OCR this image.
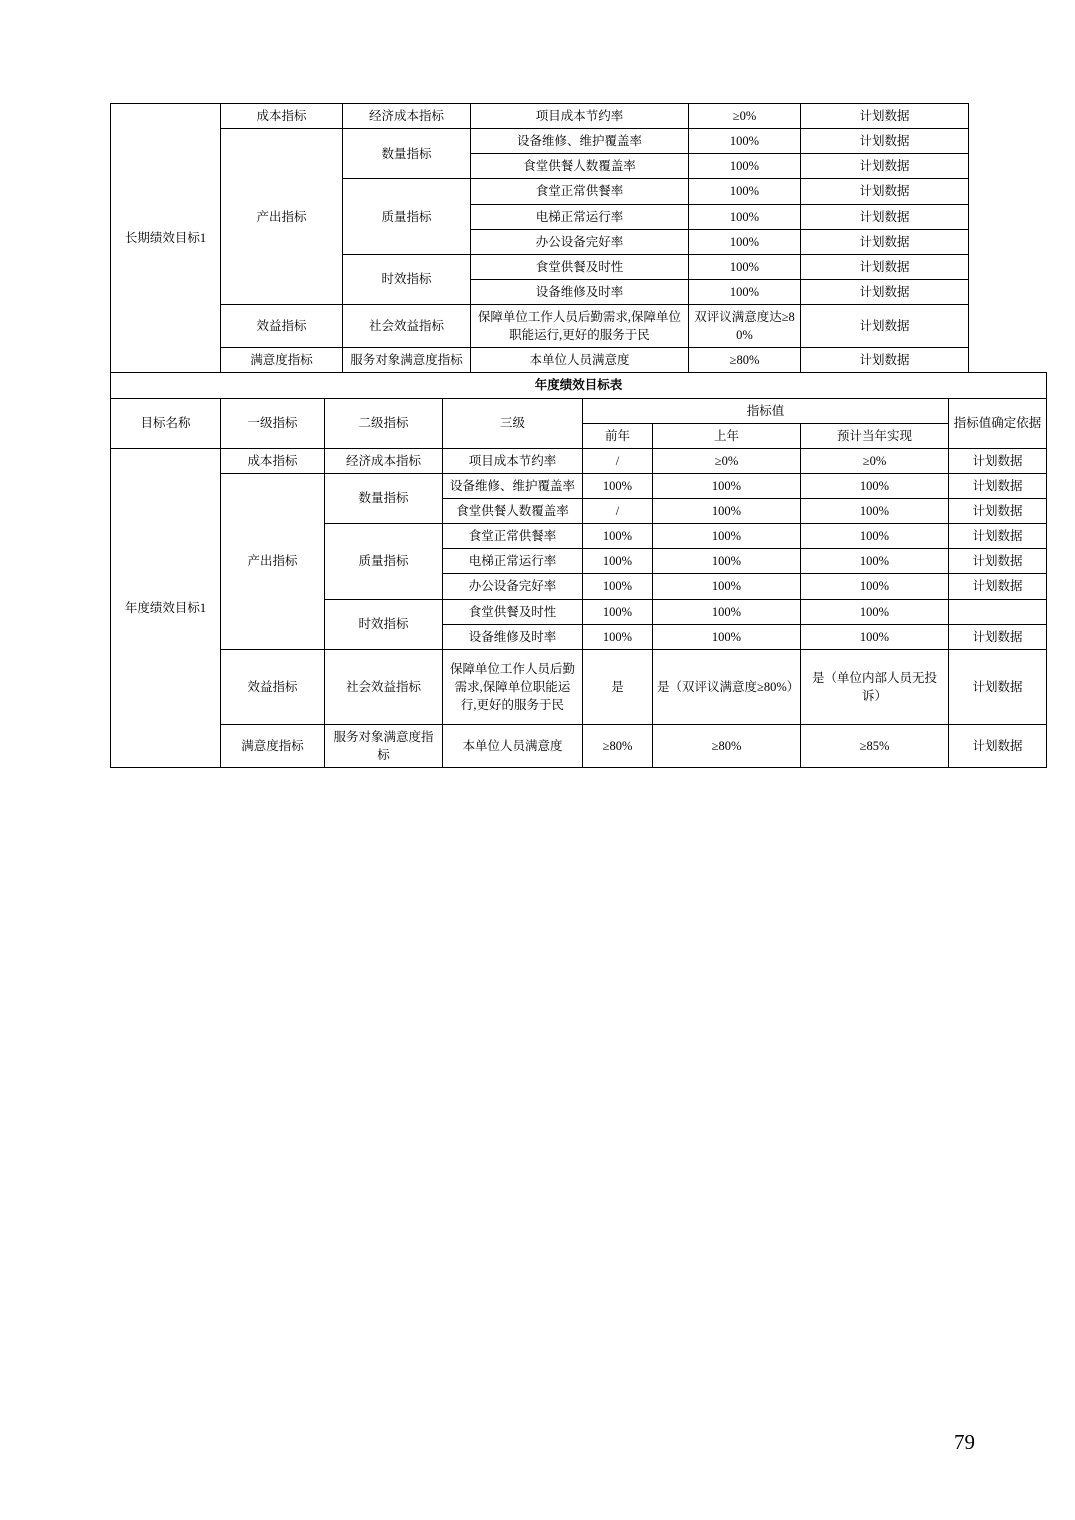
长期绩效目标1	成本指标	经济成本指标	项目成本节约率	≥0%	计划数据
	产出指标	数量指标	设备维修、维护覆盖率	100%	计划数据
			食堂供餐人数覆盖率	100%	计划数据
		质量指标	食堂正常供餐率	100%	计划数据
			电梯正常运行率	100%	计划数据
			办公设备完好率	100%	计划数据
		时效指标	食堂供餐及时性	100%	计划数据
			设备维修及时率	100%	计划数据
	效益指标	社会效益指标	保障单位工作人员后勤需求,保障单位职能运行,更好的服务于民	双评议满意度达≥80%	计划数据
	满意度指标	服务对象满意度指标	本单位人员满意度	≥80%	计划数据
年度绩效目标表							
目标名称	一级指标	二级指标	三级	指标值			指标值确定依据
				前年	上年	预计当年实现	
年度绩效目标1	成本指标	经济成本指标	项目成本节约率	/	≥0%	≥0%	计划数据
	产出指标	数量指标	设备维修、维护覆盖率	100%	100%	100%	计划数据
			食堂供餐人数覆盖率	/	100%	100%	计划数据
		质量指标	食堂正常供餐率	100%	100%	100%	计划数据
			电梯正常运行率	100%	100%	100%	计划数据
			办公设备完好率	100%	100%	100%	计划数据
		时效指标	食堂供餐及时性	100%	100%	100%	
			设备维修及时率	100%	100%	100%	计划数据
	效益指标	社会效益指标	保障单位工作人员后勤需求,保障单位职能运行,更好的服务于民	是	是（双评议满意度≥80%）	是（单位内部人员无投诉）	计划数据
	满意度指标	服务对象满意度指标	本单位人员满意度	≥80%	≥80%	≥85%	计划数据
79
